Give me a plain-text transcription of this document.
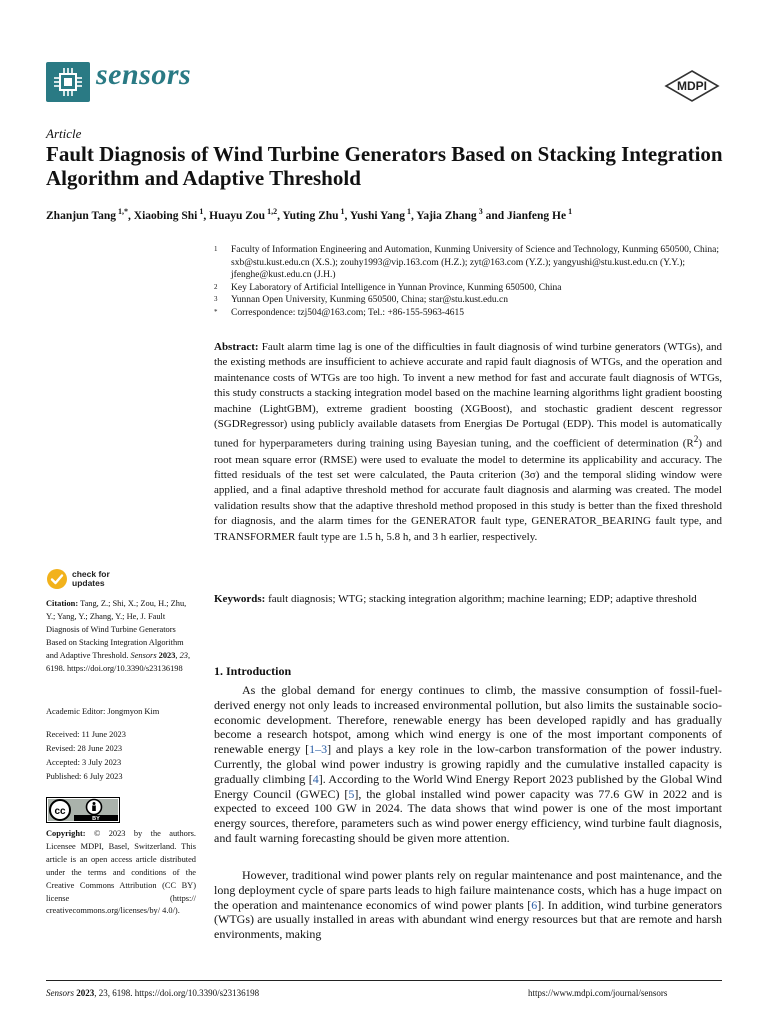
sensors	MDPI
Article
Fault Diagnosis of Wind Turbine Generators Based on Stacking Integration Algorithm and Adaptive Threshold
Zhanjun Tang $^{1,*}$, Xiaobing Shi $^1$, Huayu Zou $^{1,2}$, Yuting Zhu $^1$, Yushi Yang $^1$, Yajia Zhang $^3$ and Jianfeng He $^1$
1	Faculty of Information Engineering and Automation, Kunming University of Science and Technology, Kunming 650500, China; sxb@stu.kust.edu.cn (X.S.); zouhy1993@vip.163.com (H.Z.); zyt@163.com (Y.Z.); yangyushi@stu.kust.edu.cn (Y.Y.); jfenghe@kust.edu.cn (J.H.)
2	Key Laboratory of Artificial Intelligence in Yunnan Province, Kunming 650500, China
3	Yunnan Open University, Kunming 650500, China; star@stu.kust.edu.cn
*	Correspondence: tzj504@163.com; Tel.: +86-155-5963-4615
Abstract: Fault alarm time lag is one of the difficulties in fault diagnosis of wind turbine generators (WTGs), and the existing methods are insufficient to achieve accurate and rapid fault diagnosis of WTGs, and the operation and maintenance costs of WTGs are too high. To invent a new method for fast and accurate fault diagnosis of WTGs, this study constructs a stacking integration model based on the machine learning algorithms light gradient boosting machine (LightGBM), extreme gradient boosting (XGBoost), and stochastic gradient descent regressor (SGDRegressor) using publicly available datasets from Energias De Portugal (EDP). This model is automatically tuned for hyperparameters during training using Bayesian tuning, and the coefficient of determination $(R^2)$ and root mean square error (RMSE) were used to evaluate the model to determine its applicability and accuracy. The fitted residuals of the test set were calculated, the Pauta criterion (3σ) and the temporal sliding window were applied, and a final adaptive threshold method for accurate fault diagnosis and alarming was created. The model validation results show that the adaptive threshold method proposed in this study is better than the fixed threshold for diagnosis, and the alarm times for the GENERATOR fault type, GENERATOR_BEARING fault type, and TRANSFORMER fault type are 1.5 h, 5.8 h, and 3 h earlier, respectively.
Keywords: fault diagnosis; WTG; stacking integration algorithm; machine learning; EDP; adaptive threshold
check for
updates
Citation: Tang, Z.; Shi, X.; Zou, H.; Zhu, Y.; Yang, Y.; Zhang, Y.; He, J. Fault Diagnosis of Wind Turbine Generators Based on Stacking Integration Algorithm and Adaptive Threshold. Sensors 2023, 23, 6198. https://doi.org/10.3390/s23136198
Academic Editor: Jongmyon Kim
Received: 11 June 2023
Revised: 28 June 2023
Accepted: 3 July 2023
Published: 6 July 2023
cc
BY
Copyright: © 2023 by the authors. Licensee MDPI, Basel, Switzerland. This article is an open access article distributed under the terms and conditions of the Creative Commons Attribution (CC BY) license (https:// creativecommons.org/licenses/by/ 4.0/).
1. Introduction
As the global demand for energy continues to climb, the massive consumption of fossil-fuel-derived energy not only leads to increased environmental pollution, but also limits the sustainable socio-economic development. Therefore, renewable energy has been developed rapidly and has gradually become a research hotspot, among which wind energy is one of the most important components of renewable energy [1–3] and plays a key role in the low-carbon transformation of the power industry. Currently, the global wind power industry is growing rapidly and the cumulative installed capacity is gradually climbing [4]. According to the World Wind Energy Report 2023 published by the Global Wind Energy Council (GWEC) [5], the global installed wind power capacity was 77.6 GW in 2022 and is expected to exceed 100 GW in 2024. The data shows that wind power is one of the most important energy sources, therefore, parameters such as wind power energy efficiency, wind turbine fault diagnosis, and fault warning forecasting should be given more attention.
However, traditional wind power plants rely on regular maintenance and post maintenance, and the long deployment cycle of spare parts leads to high failure maintenance costs, which has a huge impact on the operation and maintenance economics of wind power plants [6]. In addition, wind turbine generators (WTGs) are usually installed in areas with abundant wind energy resources but that are remote and harsh environments, making
Sensors 2023, 23, 6198. https://doi.org/10.3390/s23136198	https://www.mdpi.com/journal/sensors
